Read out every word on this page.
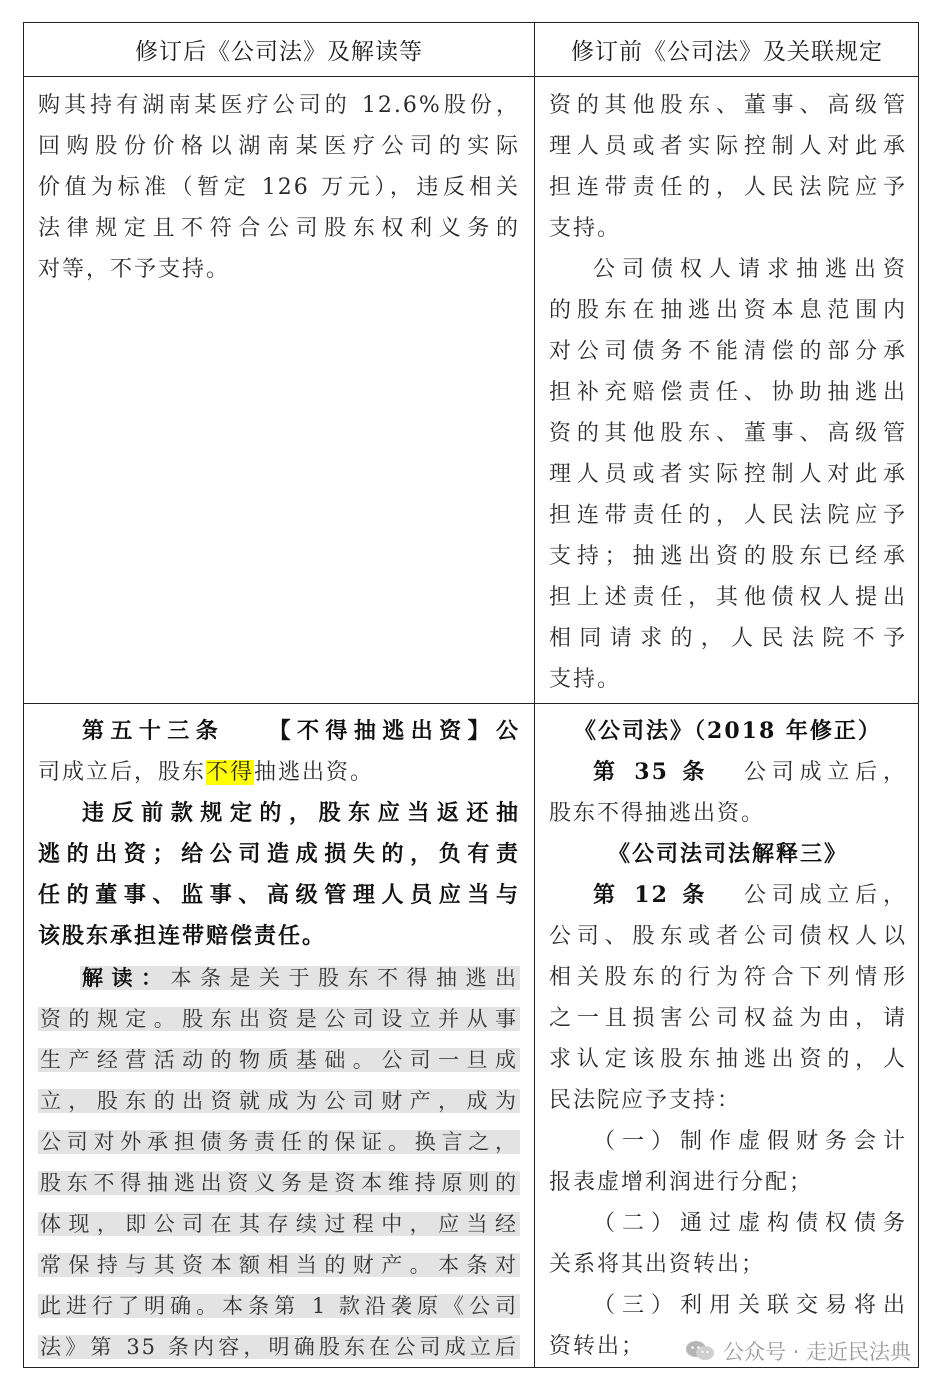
修订后《公司法》及解读等	修订前《公司法》及关联规定

购其持有湖南某医疗公司的 12.6%股份，

回购股份价格以湖南某医疗公司的实际

价值为标准（暂定 126 万元），违反相关

法律规定且不符合公司股东权利义务的

对等，不予支持。

资的其他股东、董事、高级管

理人员或者实际控制人对此承

担连带责任的，人民法院应予

支持。

公司债权人请求抽逃出资

的股东在抽逃出资本息范围内

对公司债务不能清偿的部分承

担补充赔偿责任、协助抽逃出

资的其他股东、董事、高级管

理人员或者实际控制人对此承

担连带责任的，人民法院应予

支持；抽逃出资的股东已经承

担上述责任，其他债权人提出

相同请求的，人民法院不予

支持。

第五十三条 【不得抽逃出资】公

司成立后，股东不得抽逃出资。

违反前款规定的，股东应当返还抽

逃的出资；给公司造成损失的，负有责

任的董事、监事、高级管理人员应当与

该股东承担连带赔偿责任。

解读：本条是关于股东不得抽逃出

资的规定。股东出资是公司设立并从事

生产经营活动的物质基础。公司一旦成

立，股东的出资就成为公司财产，成为

公司对外承担债务责任的保证。换言之，

股东不得抽逃出资义务是资本维持原则的

体现，即公司在其存续过程中，应当经

常保持与其资本额相当的财产。本条对

此进行了明确。本条第 1 款沿袭原《公司

法》第 35 条内容，明确股东在公司成立后

《公司法》（2018 年修正）

第 35 条 公司成立后，

股东不得抽逃出资。

《公司法司法解释三》

第 12 条 公司成立后，

公司、股东或者公司债权人以

相关股东的行为符合下列情形

之一且损害公司权益为由，请

求认定该股东抽逃出资的，人

民法院应予支持：

（一）制作虚假财务会计

报表虚增利润进行分配；

（二）通过虚构债权债务

关系将其出资转出；

（三）利用关联交易将出

资转出；	公众号 · 走近民法典
